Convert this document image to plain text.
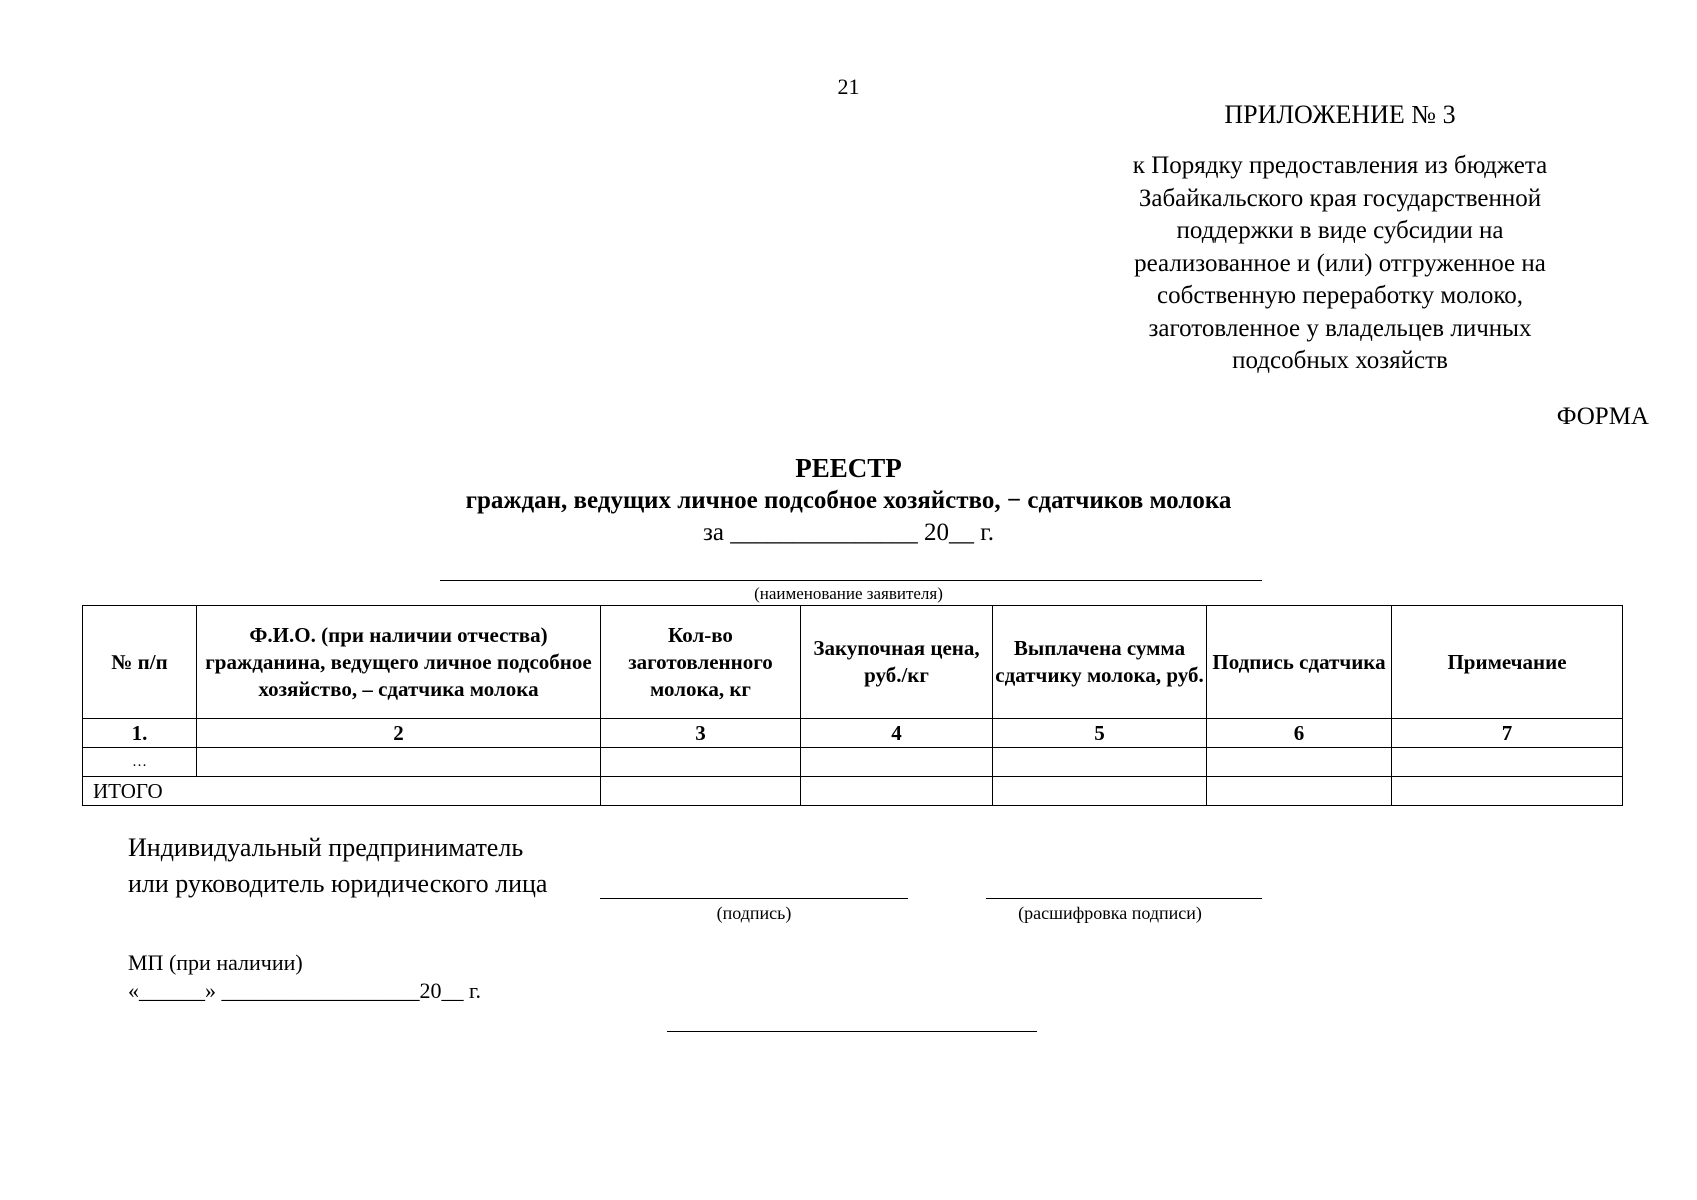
21
ПРИЛОЖЕНИЕ № 3
к Порядку предоставления из бюджета
Забайкальского края государственной
поддержки в виде субсидии на
реализованное и (или) отгруженное на
собственную переработку молоко,
заготовленное у владельцев личных
подсобных хозяйств
ФОРМА
РЕЕСТР
граждан, ведущих личное подсобное хозяйство, − сдатчиков молока
за _______________ 20__ г.
(наименование заявителя)
№ п/п	Ф.И.О. (при наличии отчества) гражданина, ведущего личное подсобное хозяйство, – сдатчика молока	Кол-во заготовленного молока, кг	Закупочная цена, руб./кг	Выплачена сумма сдатчику молока, руб.	Подпись сдатчика	Примечание
1.	2	3	4	5	6	7
…						
ИТОГО						
Индивидуальный предприниматель
или руководитель юридического лица
(подпись)	(расшифровка подписи)
МП (при наличии)
«______» __________________20__ г.
